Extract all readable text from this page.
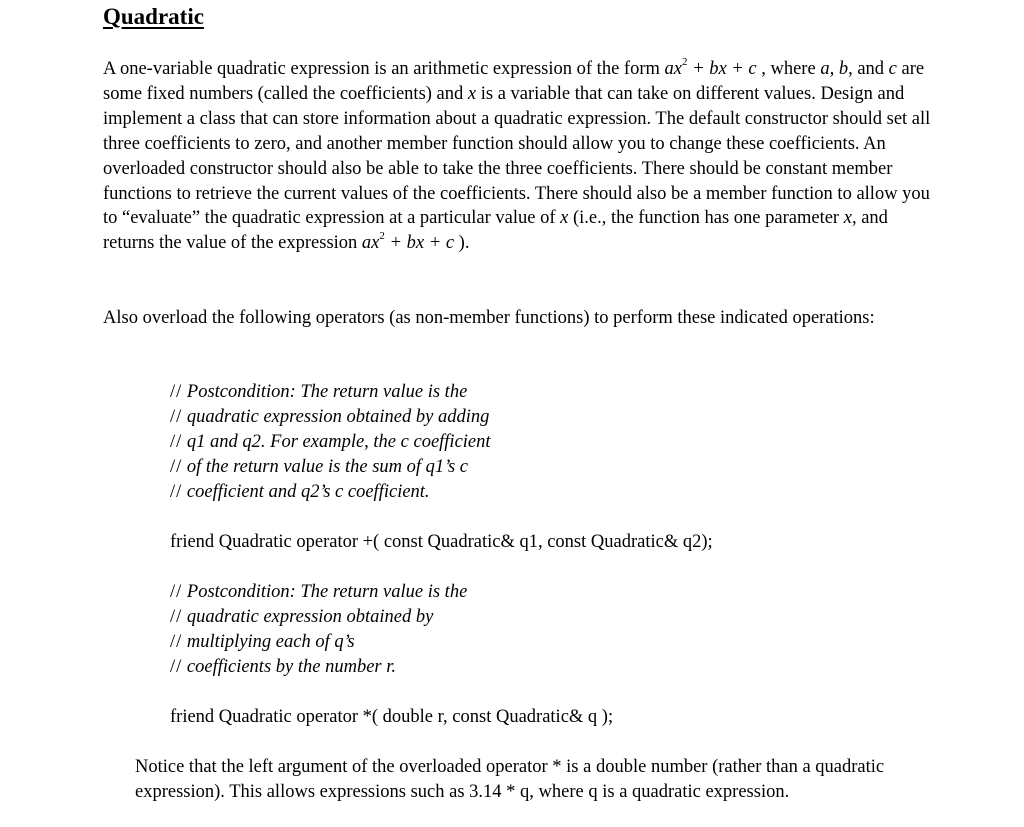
Quadratic

A one-variable quadratic expression is an arithmetic expression of the form $ax^2$ + bx + c , where a, b, and c are some fixed numbers (called the coefficients) and x is a variable that can take on different values. Design and implement a class that can store information about a quadratic expression. The default constructor should set all three coefficients to zero, and another member function should allow you to change these coefficients. An overloaded constructor should also be able to take the three coefficients. There should be constant member functions to retrieve the current values of the coefficients. There should also be a member function to allow you to “evaluate” the quadratic expression at a particular value of x (i.e., the function has one parameter x, and returns the value of the expression $ax^2$ + bx + c ).

Also overload the following operators (as non-member functions) to perform these indicated operations:

// Postcondition: The return value is the
// quadratic expression obtained by adding
// q1 and q2. For example, the c coefficient
// of the return value is the sum of q1’s c
// coefficient and q2’s c coefficient.

friend Quadratic operator +( const Quadratic& q1, const Quadratic& q2);

// Postcondition: The return value is the
// quadratic expression obtained by
// multiplying each of q’s
// coefficients by the number r.

friend Quadratic operator *( double r, const Quadratic& q );

Notice that the left argument of the overloaded operator * is a double number (rather than a quadratic expression). This allows expressions such as 3.14 * q, where q is a quadratic expression.
